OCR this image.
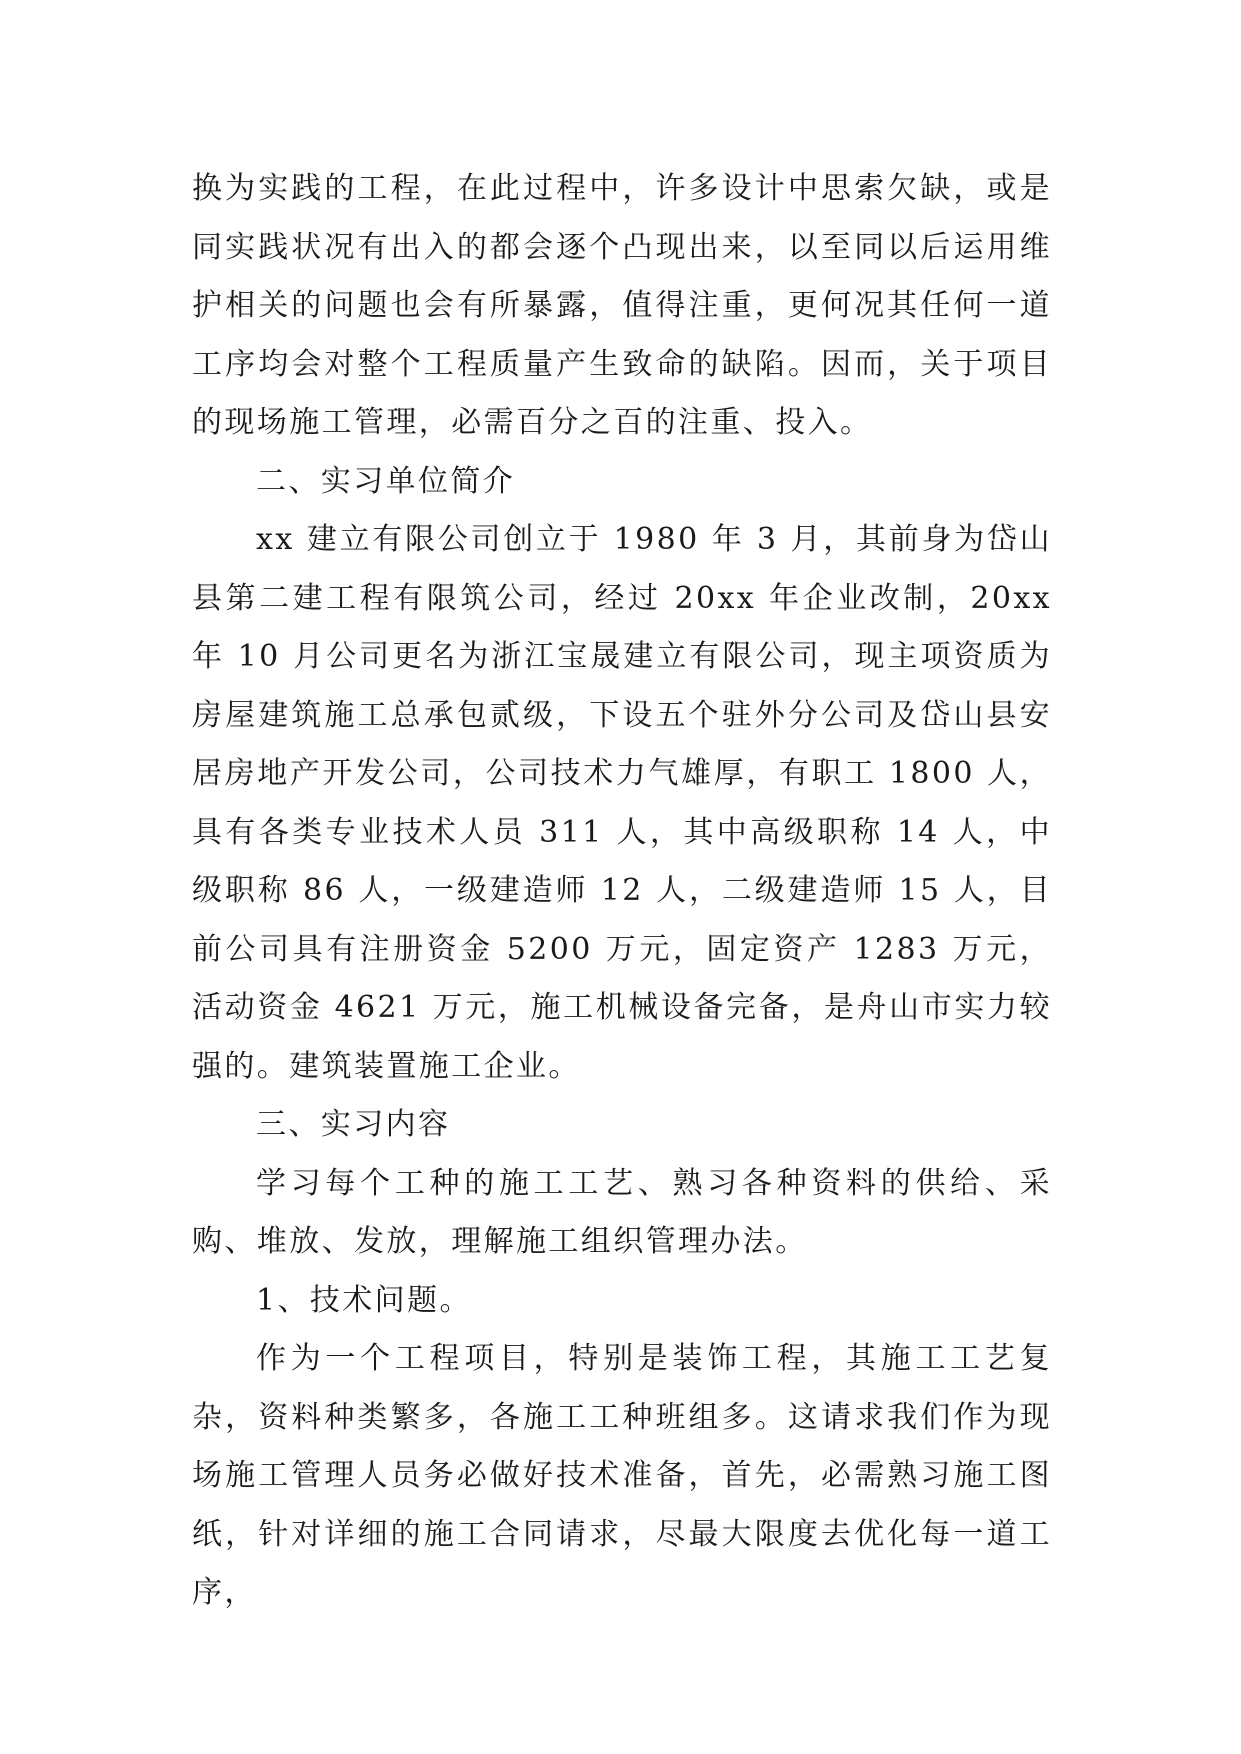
换为实践的工程，在此过程中，许多设计中思索欠缺，或是同实践状况有出入的都会逐个凸现出来，以至同以后运用维护相关的问题也会有所暴露，值得注重，更何况其任何一道工序均会对整个工程质量产生致命的缺陷。因而，关于项目的现场施工管理，必需百分之百的注重、投入。

二、实习单位简介

xx 建立有限公司创立于 1980 年 3 月，其前身为岱山县第二建工程有限筑公司，经过 20xx 年企业改制，20xx 年 10 月公司更名为浙江宝晟建立有限公司，现主项资质为房屋建筑施工总承包贰级，下设五个驻外分公司及岱山县安居房地产开发公司，公司技术力气雄厚，有职工 1800 人，具有各类专业技术人员 311 人，其中高级职称 14 人，中级职称 86 人，一级建造师 12 人，二级建造师 15 人，目前公司具有注册资金 5200 万元，固定资产 1283 万元，活动资金 4621 万元，施工机械设备完备，是舟山市实力较强的。建筑装置施工企业。

三、实习内容

学习每个工种的施工工艺、熟习各种资料的供给、采购、堆放、发放，理解施工组织管理办法。

1、技术问题。

作为一个工程项目，特别是装饰工程，其施工工艺复杂，资料种类繁多，各施工工种班组多。这请求我们作为现场施工管理人员务必做好技术准备，首先，必需熟习施工图纸，针对详细的施工合同请求，尽最大限度去优化每一道工序，
